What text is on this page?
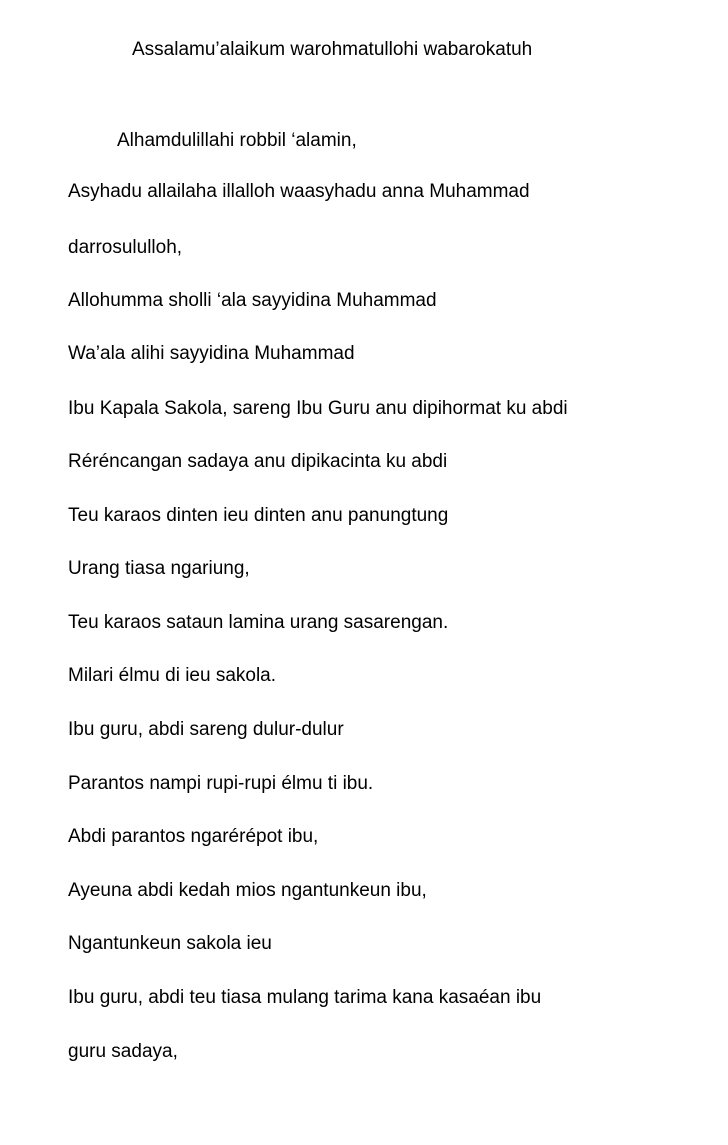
Assalamu’alaikum warohmatullohi wabarokatuh

Alhamdulillahi robbil ‘alamin,

Asyhadu allailaha illalloh waasyhadu anna Muhammad

darrosululloh,

Allohumma sholli ‘ala sayyidina Muhammad

Wa’ala alihi sayyidina Muhammad

Ibu Kapala Sakola, sareng Ibu Guru anu dipihormat ku abdi

Réréncangan sadaya anu dipikacinta ku abdi

Teu karaos dinten ieu dinten anu panungtung

Urang tiasa ngariung,

Teu karaos sataun lamina urang sasarengan.

Milari élmu di ieu sakola.

Ibu guru, abdi sareng dulur-dulur

Parantos nampi rupi-rupi élmu ti ibu.

Abdi parantos ngarérépot ibu,

Ayeuna abdi kedah mios ngantunkeun ibu,

Ngantunkeun sakola ieu

Ibu guru, abdi teu tiasa mulang tarima kana kasaéan ibu

guru sadaya,
